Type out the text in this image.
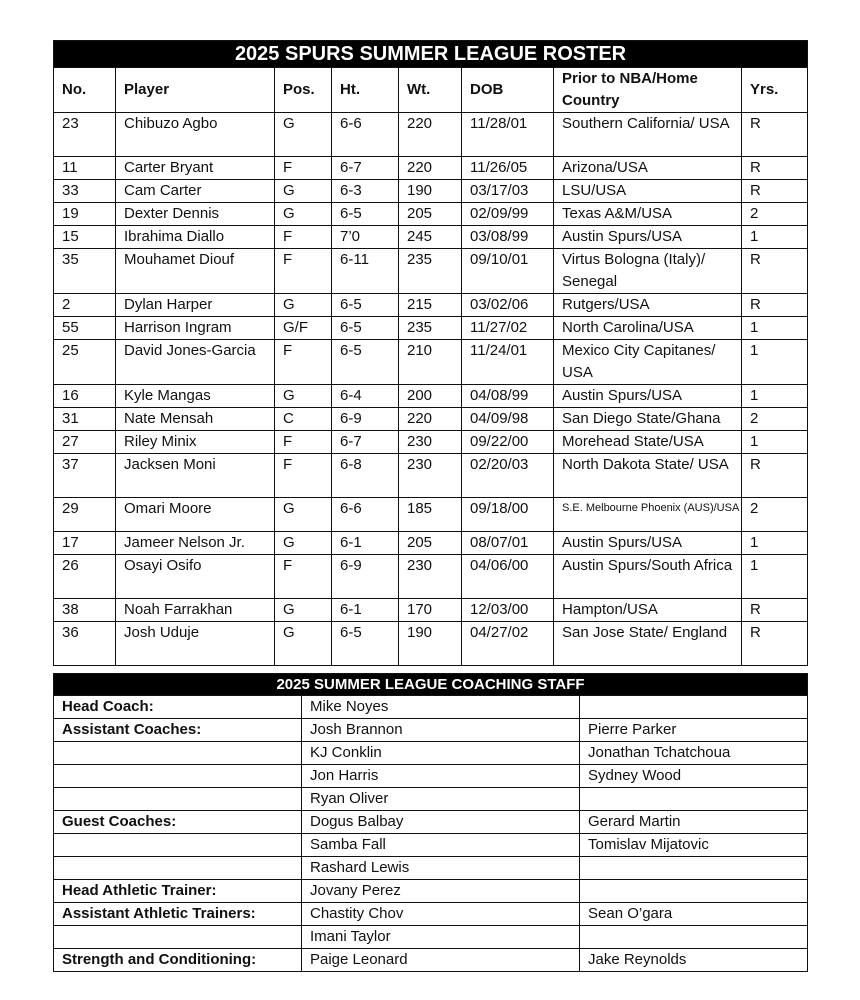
2025 SPURS SUMMER LEAGUE ROSTER							
No.	Player	Pos.	Ht.	Wt.	DOB	Prior to NBA/Home Country	Yrs.
23	Chibuzo Agbo	G	6-6	220	11/28/01	Southern California/ USA	R
11	Carter Bryant	F	6-7	220	11/26/05	Arizona/USA	R
33	Cam Carter	G	6-3	190	03/17/03	LSU/USA	R
19	Dexter Dennis	G	6-5	205	02/09/99	Texas A&M/USA	2
15	Ibrahima Diallo	F	7’0	245	03/08/99	Austin Spurs/USA	1
35	Mouhamet Diouf	F	6-11	235	09/10/01	Virtus Bologna (Italy)/ Senegal	R
2	Dylan Harper	G	6-5	215	03/02/06	Rutgers/USA	R
55	Harrison Ingram	G/F	6-5	235	11/27/02	North Carolina/USA	1
25	David Jones-Garcia	F	6-5	210	11/24/01	Mexico City Capitanes/ USA	1
16	Kyle Mangas	G	6-4	200	04/08/99	Austin Spurs/USA	1
31	Nate Mensah	C	6-9	220	04/09/98	San Diego State/Ghana	2
27	Riley Minix	F	6-7	230	09/22/00	Morehead State/USA	1
37	Jacksen Moni	F	6-8	230	02/20/03	North Dakota State/ USA	R
29	Omari Moore	G	6-6	185	09/18/00	S.E. Melbourne Phoenix (AUS)/USA	2
17	Jameer Nelson Jr.	G	6-1	205	08/07/01	Austin Spurs/USA	1
26	Osayi Osifo	F	6-9	230	04/06/00	Austin Spurs/South Africa	1
38	Noah Farrakhan	G	6-1	170	12/03/00	Hampton/USA	R
36	Josh Uduje	G	6-5	190	04/27/02	San Jose State/ England	R
2025 SUMMER LEAGUE COACHING STAFF		
Head Coach:	Mike Noyes	
Assistant Coaches:	Josh Brannon	Pierre Parker
	KJ Conklin	Jonathan Tchatchoua
	Jon Harris	Sydney Wood
	Ryan Oliver	
Guest Coaches:	Dogus Balbay	Gerard Martin
	Samba Fall	Tomislav Mijatovic
	Rashard Lewis	
Head Athletic Trainer:	Jovany Perez	
Assistant Athletic Trainers:	Chastity Chov	Sean O’gara
	Imani Taylor	
Strength and Conditioning:	Paige Leonard	Jake Reynolds
